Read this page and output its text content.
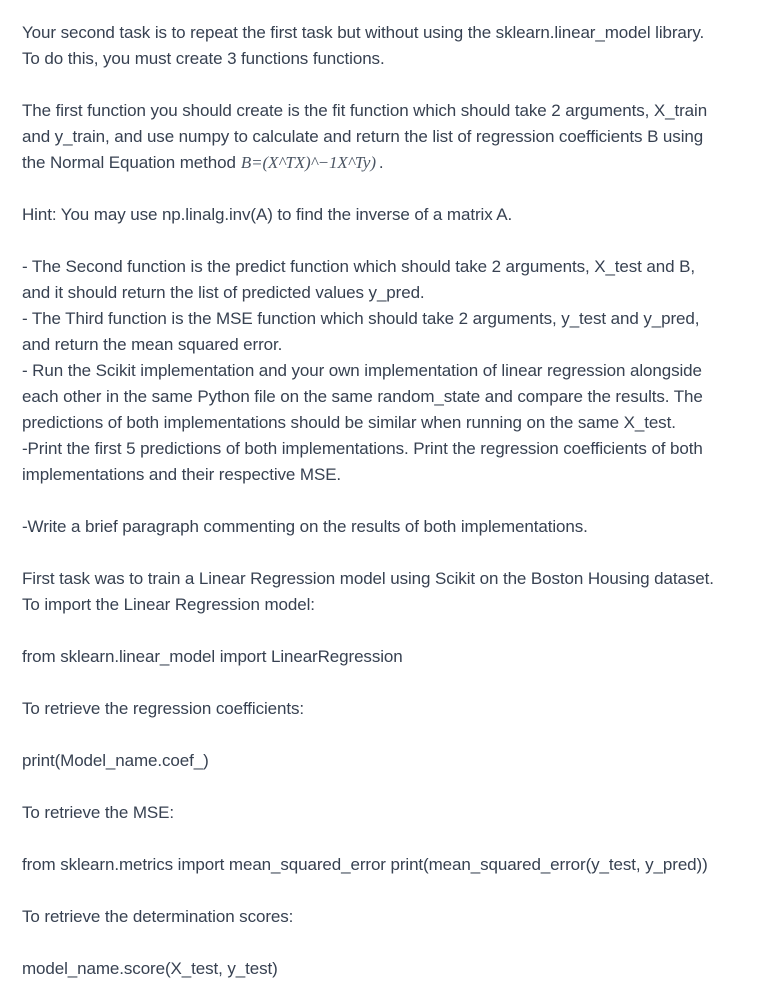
Your second task is to repeat the first task but without using the sklearn.linear_model library.
To do this, you must create 3 functions functions.

The first function you should create is the fit function which should take 2 arguments, X_train
and y_train, and use numpy to calculate and return the list of regression coefficients B using
the Normal Equation method B=(X^TX)^−1X^Ty) .

Hint: You may use np.linalg.inv(A) to find the inverse of a matrix A.

- The Second function is the predict function which should take 2 arguments, X_test and B,
and it should return the list of predicted values y_pred.
- The Third function is the MSE function which should take 2 arguments, y_test and y_pred,
and return the mean squared error.
- Run the Scikit implementation and your own implementation of linear regression alongside
each other in the same Python file on the same random_state and compare the results. The
predictions of both implementations should be similar when running on the same X_test.
-Print the first 5 predictions of both implementations. Print the regression coefficients of both
implementations and their respective MSE.

-Write a brief paragraph commenting on the results of both implementations.

First task was to train a Linear Regression model using Scikit on the Boston Housing dataset.
To import the Linear Regression model:

from sklearn.linear_model import LinearRegression

To retrieve the regression coefficients:

print(Model_name.coef_)

To retrieve the MSE:

from sklearn.metrics import mean_squared_error print(mean_squared_error(y_test, y_pred))

To retrieve the determination scores:

model_name.score(X_test, y_test)
